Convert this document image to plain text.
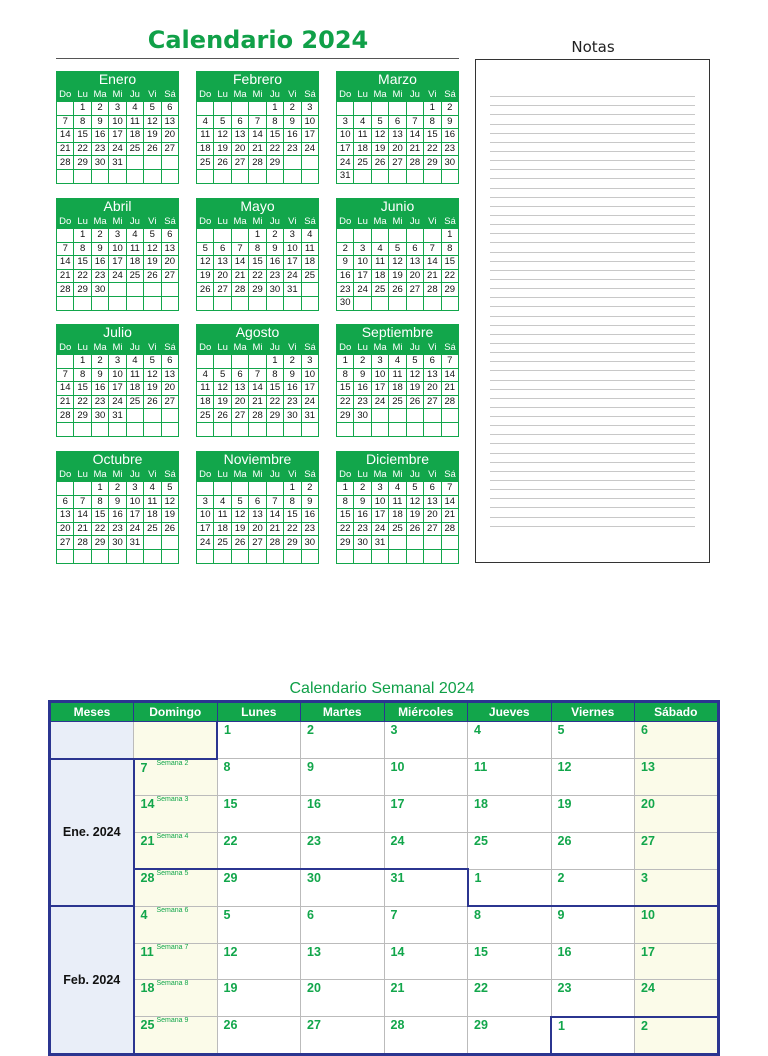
Calendario 2024	Notas
Enero
Do	Lu	Ma	Mi	Ju	Vi	Sá
	1	2	3	4	5	6
7	8	9	10	11	12	13
14	15	16	17	18	19	20
21	22	23	24	25	26	27
28	29	30	31			

Febrero
Do	Lu	Ma	Mi	Ju	Vi	Sá
				1	2	3
4	5	6	7	8	9	10
11	12	13	14	15	16	17
18	19	20	21	22	23	24
25	26	27	28	29		

Marzo
Do	Lu	Ma	Mi	Ju	Vi	Sá
					1	2
3	4	5	6	7	8	9
10	11	12	13	14	15	16
17	18	19	20	21	22	23
24	25	26	27	28	29	30
31						
Abril
Do	Lu	Ma	Mi	Ju	Vi	Sá
	1	2	3	4	5	6
7	8	9	10	11	12	13
14	15	16	17	18	19	20
21	22	23	24	25	26	27
28	29	30				

Mayo
Do	Lu	Ma	Mi	Ju	Vi	Sá
			1	2	3	4
5	6	7	8	9	10	11
12	13	14	15	16	17	18
19	20	21	22	23	24	25
26	27	28	29	30	31	

Junio
Do	Lu	Ma	Mi	Ju	Vi	Sá
						1
2	3	4	5	6	7	8
9	10	11	12	13	14	15
16	17	18	19	20	21	22
23	24	25	26	27	28	29
30						
Julio
Do	Lu	Ma	Mi	Ju	Vi	Sá
	1	2	3	4	5	6
7	8	9	10	11	12	13
14	15	16	17	18	19	20
21	22	23	24	25	26	27
28	29	30	31			

Agosto
Do	Lu	Ma	Mi	Ju	Vi	Sá
				1	2	3
4	5	6	7	8	9	10
11	12	13	14	15	16	17
18	19	20	21	22	23	24
25	26	27	28	29	30	31

Septiembre
Do	Lu	Ma	Mi	Ju	Vi	Sá
1	2	3	4	5	6	7
8	9	10	11	12	13	14
15	16	17	18	19	20	21
22	23	24	25	26	27	28
29	30					

Octubre
Do	Lu	Ma	Mi	Ju	Vi	Sá
		1	2	3	4	5
6	7	8	9	10	11	12
13	14	15	16	17	18	19
20	21	22	23	24	25	26
27	28	29	30	31		

Noviembre
Do	Lu	Ma	Mi	Ju	Vi	Sá
					1	2
3	4	5	6	7	8	9
10	11	12	13	14	15	16
17	18	19	20	21	22	23
24	25	26	27	28	29	30

Diciembre
Do	Lu	Ma	Mi	Ju	Vi	Sá
1	2	3	4	5	6	7
8	9	10	11	12	13	14
15	16	17	18	19	20	21
22	23	24	25	26	27	28
29	30	31				

Calendario Semanal 2024
Meses	Domingo	Lunes	Martes	Miércoles	Jueves	Viernes	Sábado

		1	2	3	4	5	6

Ene. 2024	7 Semana 2	8	9	10	11	12	13

	14 Semana 3	15	16	17	18	19	20

	21 Semana 4	22	23	24	25	26	27

	28 Semana 5	29	30	31	1	2	3

Feb. 2024	4 Semana 6	5	6	7	8	9	10

	11 Semana 7	12	13	14	15	16	17

	18 Semana 8	19	20	21	22	23	24

	25 Semana 9	26	27	28	29	1	2
